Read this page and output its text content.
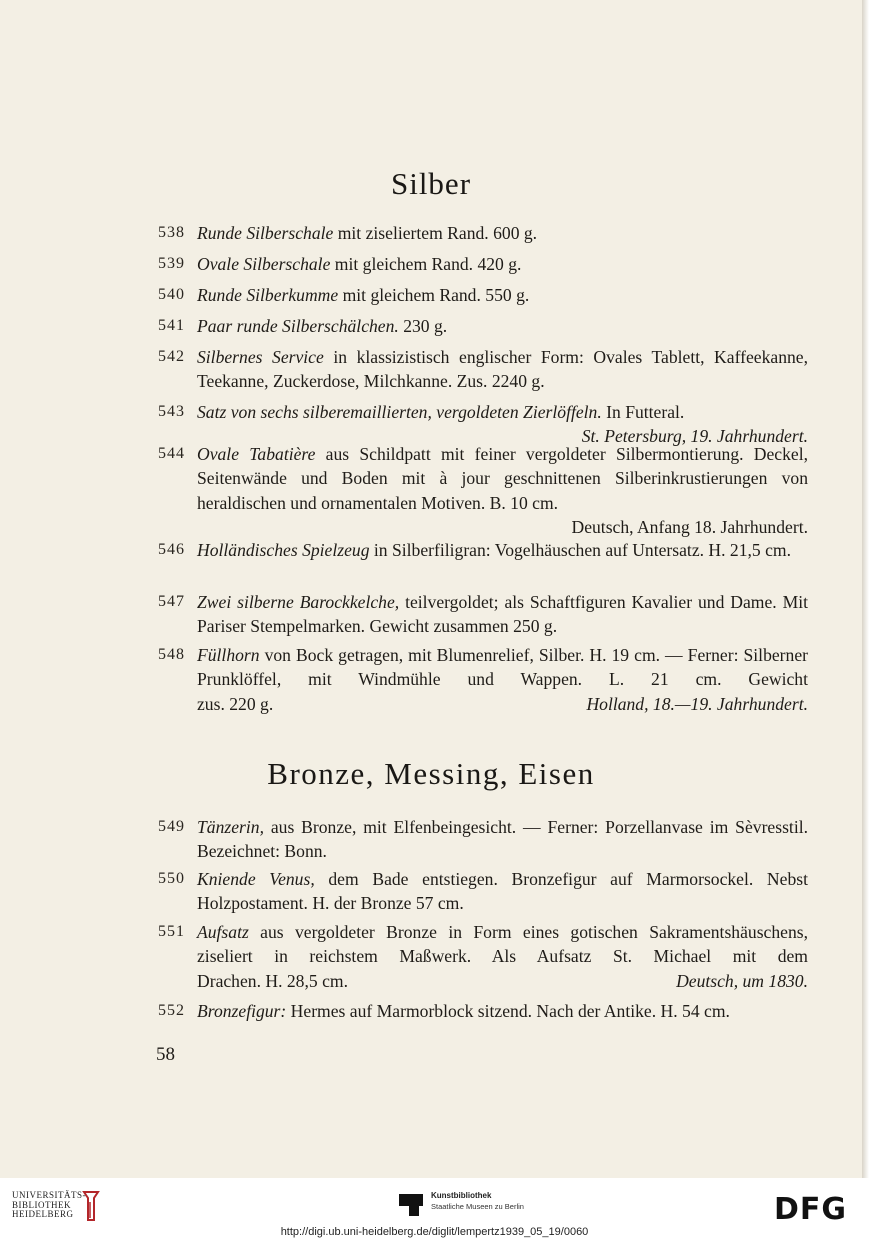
Silber
538 Runde Silberschale mit ziseliertem Rand. 600 g.
539 Ovale Silberschale mit gleichem Rand. 420 g.
540 Runde Silberkumme mit gleichem Rand. 550 g.
541 Paar runde Silberschälchen. 230 g.
542 Silbernes Service in klassizistisch englischer Form: Ovales Tablett, Kaffeekanne, Teekanne, Zuckerdose, Milchkanne. Zus. 2240 g.
543 Satz von sechs silberemaillierten, vergoldeten Zierlöffeln. In Futteral.
St. Petersburg, 19. Jahrhundert.
544 Ovale Tabatière aus Schildpatt mit feiner vergoldeter Silbermontierung. Deckel, Seitenwände und Boden mit à jour geschnittenen Silberinkrustierungen von heraldischen und ornamentalen Motiven. B. 10 cm.
Deutsch, Anfang 18. Jahrhundert.
546 Holländisches Spielzeug in Silberfiligran: Vogelhäuschen auf Untersatz. H. 21,5 cm.
547 Zwei silberne Barockkelche, teilvergoldet; als Schaftfiguren Kavalier und Dame. Mit Pariser Stempelmarken. Gewicht zusammen 250 g.
548 Füllhorn von Bock getragen, mit Blumenrelief, Silber. H. 19 cm. — Ferner: Silberner Prunklöffel, mit Windmühle und Wappen. L. 21 cm. Gewicht
zus. 220 g.	Holland, 18.—19. Jahrhundert.
Bronze, Messing, Eisen
549 Tänzerin, aus Bronze, mit Elfenbeingesicht. — Ferner: Porzellanvase im Sèvresstil. Bezeichnet: Bonn.
550 Kniende Venus, dem Bade entstiegen. Bronzefigur auf Marmorsockel. Nebst Holzpostament. H. der Bronze 57 cm.
551 Aufsatz aus vergoldeter Bronze in Form eines gotischen Sakramentshäuschens, ziseliert in reichstem Maßwerk. Als Aufsatz St. Michael mit dem
Drachen. H. 28,5 cm.	Deutsch, um 1830.
552 Bronzefigur: Hermes auf Marmorblock sitzend. Nach der Antike. H. 54 cm.
58
UNIVERSITÄTS-
BIBLIOTHEK
HEIDELBERG
Kunstbibliothek
Staatliche Museen zu Berlin	DFG
http://digi.ub.uni-heidelberg.de/diglit/lempertz1939_05_19/0060
